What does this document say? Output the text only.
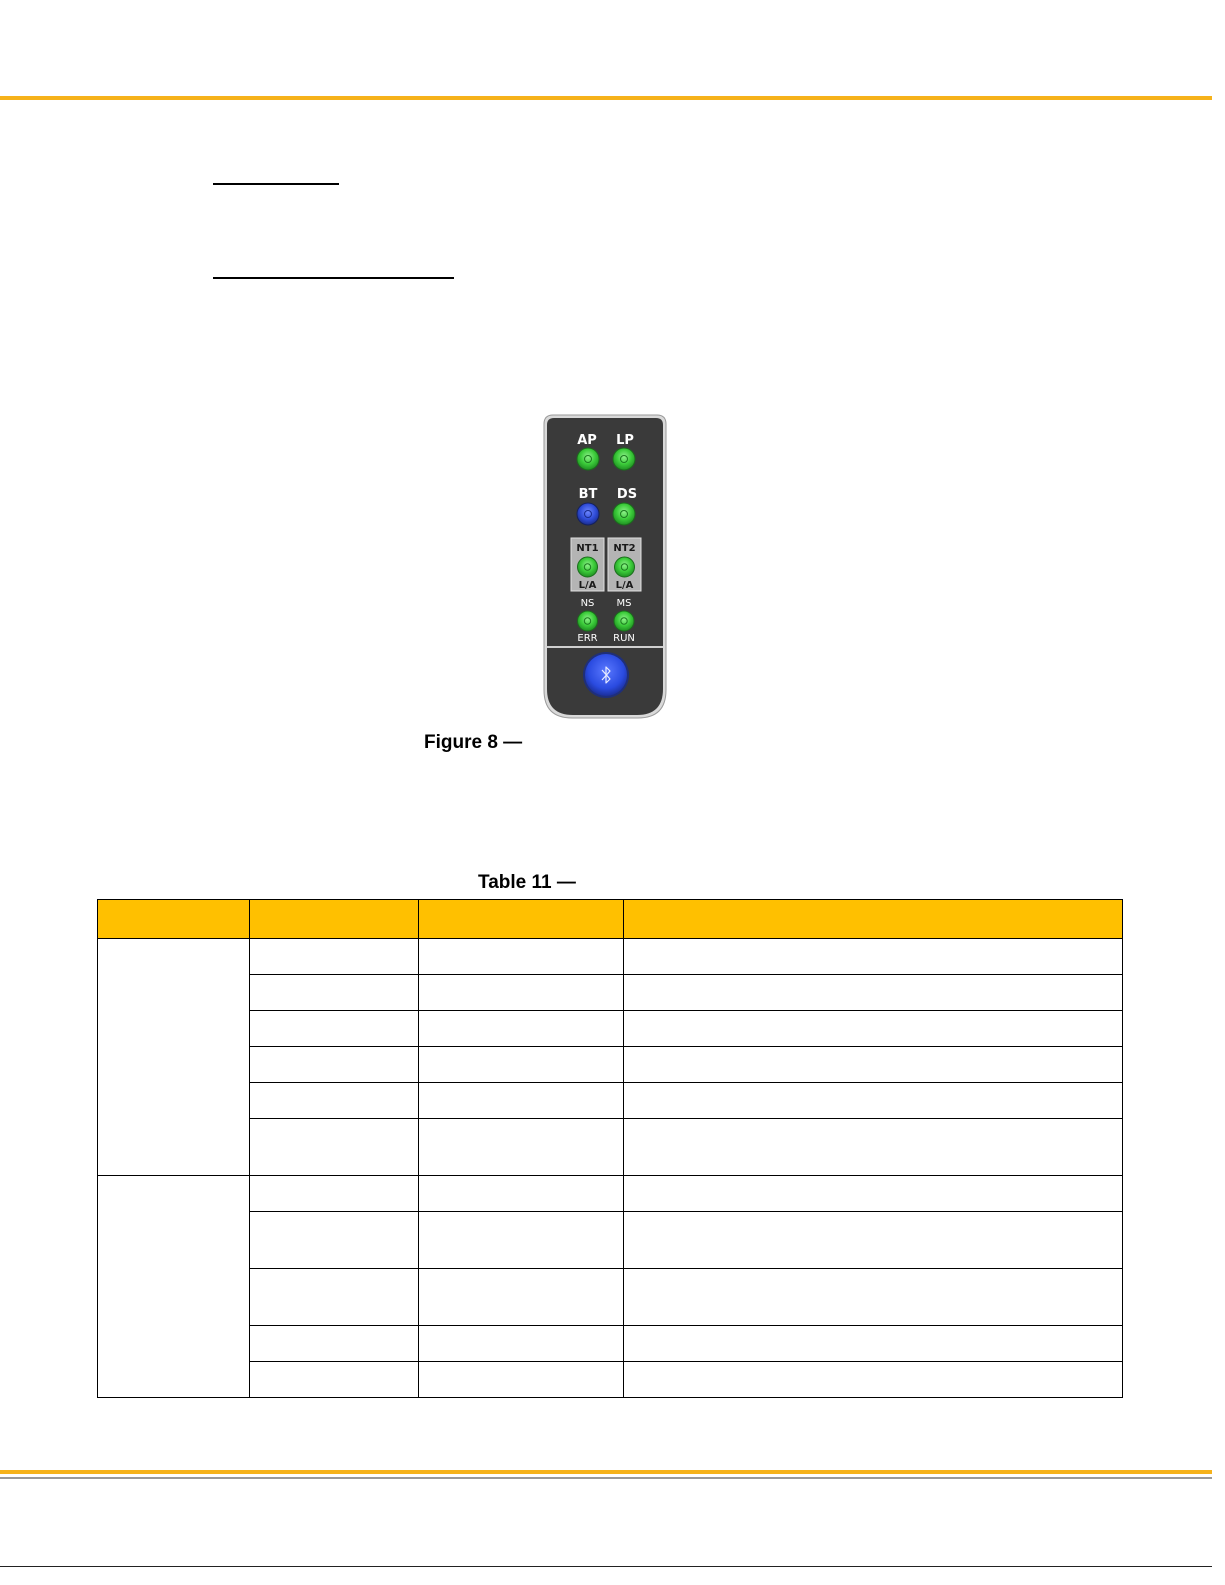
AP LP
BT DS
NT1 NT2
L/A L/A
NS MS
ERR RUN
Figure 8 —
Table 11 —
